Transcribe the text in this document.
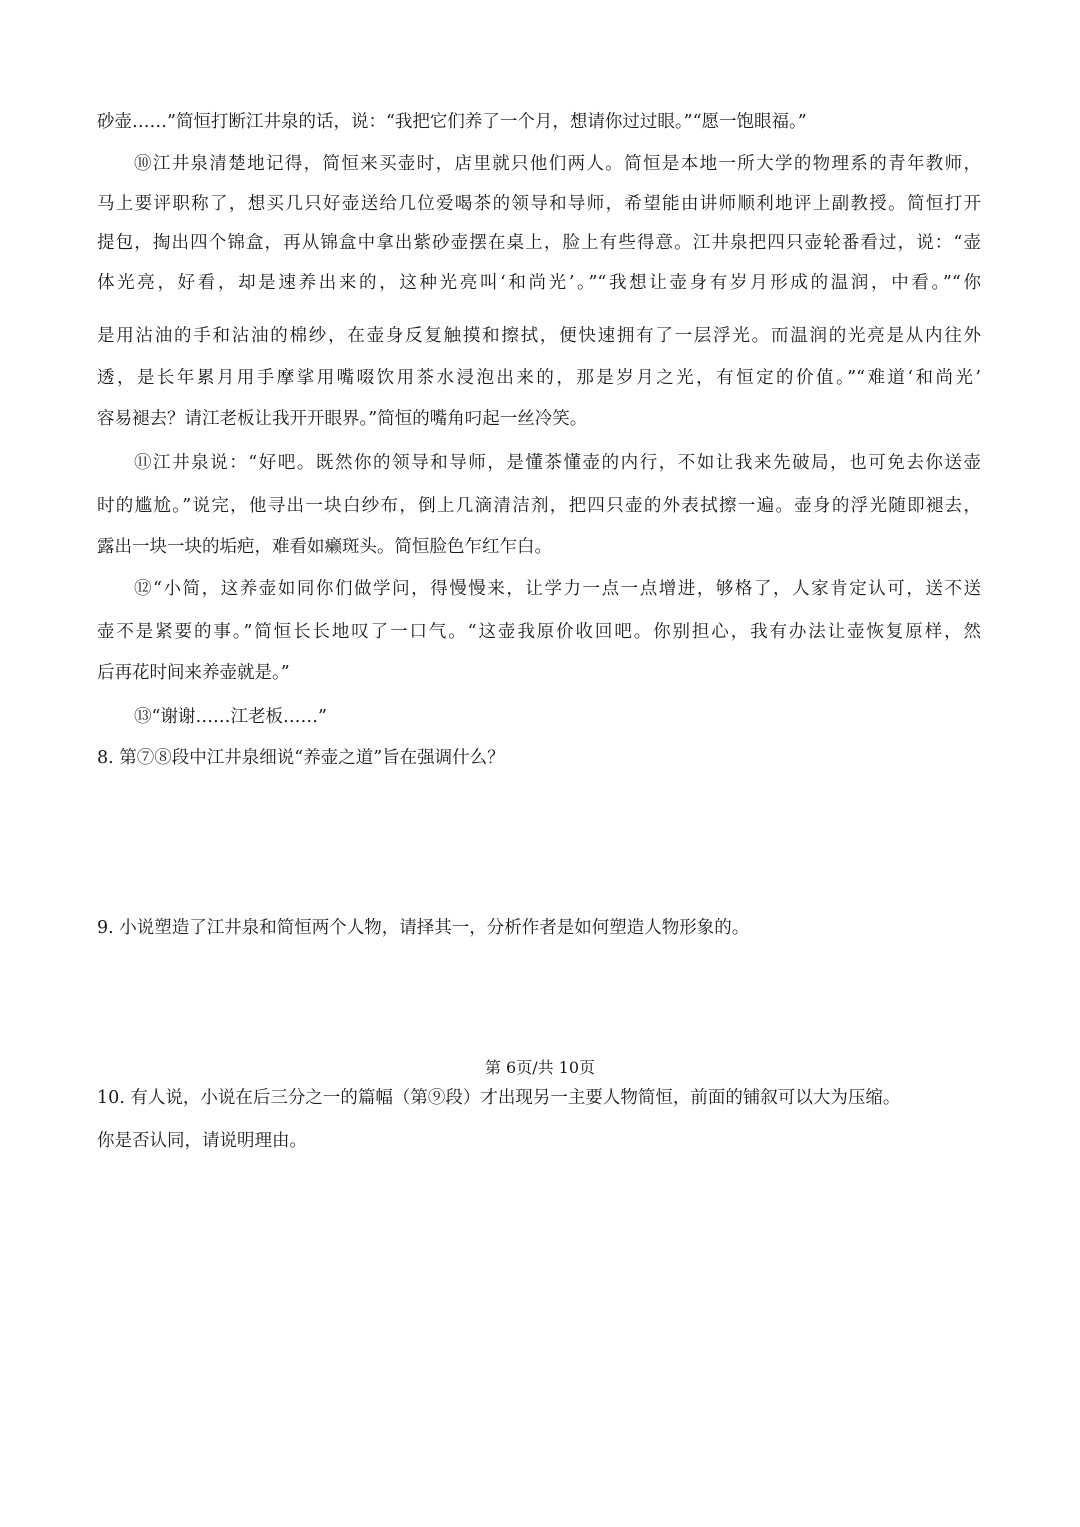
砂壶……”简恒打断江井泉的话，说：“我把它们养了一个月，想请你过过眼。”“愿一饱眼福。”
⑩江井泉清楚地记得，简恒来买壶时，店里就只他们两人。简恒是本地一所大学的物理系的青年教师，
马上要评职称了，想买几只好壶送给几位爱喝茶的领导和导师，希望能由讲师顺利地评上副教授。简恒打开
提包，掏出四个锦盒，再从锦盒中拿出紫砂壶摆在桌上，脸上有些得意。江井泉把四只壶轮番看过，说：“壶
体光亮，好看，却是速养出来的，这种光亮叫‘和尚光’。”“我想让壶身有岁月形成的温润，中看。”“你
是用沾油的手和沾油的棉纱，在壶身反复触摸和擦拭，便快速拥有了一层浮光。而温润的光亮是从内往外
透，是长年累月用手摩挲用嘴啜饮用茶水浸泡出来的，那是岁月之光，有恒定的价值。”“难道‘和尚光’
容易褪去？请江老板让我开开眼界。”简恒的嘴角叼起一丝冷笑。
⑪江井泉说：“好吧。既然你的领导和导师，是懂茶懂壶的内行，不如让我来先破局，也可免去你送壶
时的尴尬。”说完，他寻出一块白纱布，倒上几滴清洁剂，把四只壶的外表拭擦一遍。壶身的浮光随即褪去，
露出一块一块的垢疤，难看如癞斑头。简恒脸色乍红乍白。
⑫“小简，这养壶如同你们做学问，得慢慢来，让学力一点一点增进，够格了，人家肯定认可，送不送
壶不是紧要的事。”简恒长长地叹了一口气。“这壶我原价收回吧。你别担心，我有办法让壶恢复原样，然
后再花时间来养壶就是。”
⑬“谢谢……江老板……”
8. 第⑦⑧段中江井泉细说“养壶之道”旨在强调什么？
9. 小说塑造了江井泉和简恒两个人物，请择其一，分析作者是如何塑造人物形象的。
10. 有人说，小说在后三分之一的篇幅（第⑨段）才出现另一主要人物简恒，前面的铺叙可以大为压缩。
你是否认同，请说明理由。
第 6页/共 10页
